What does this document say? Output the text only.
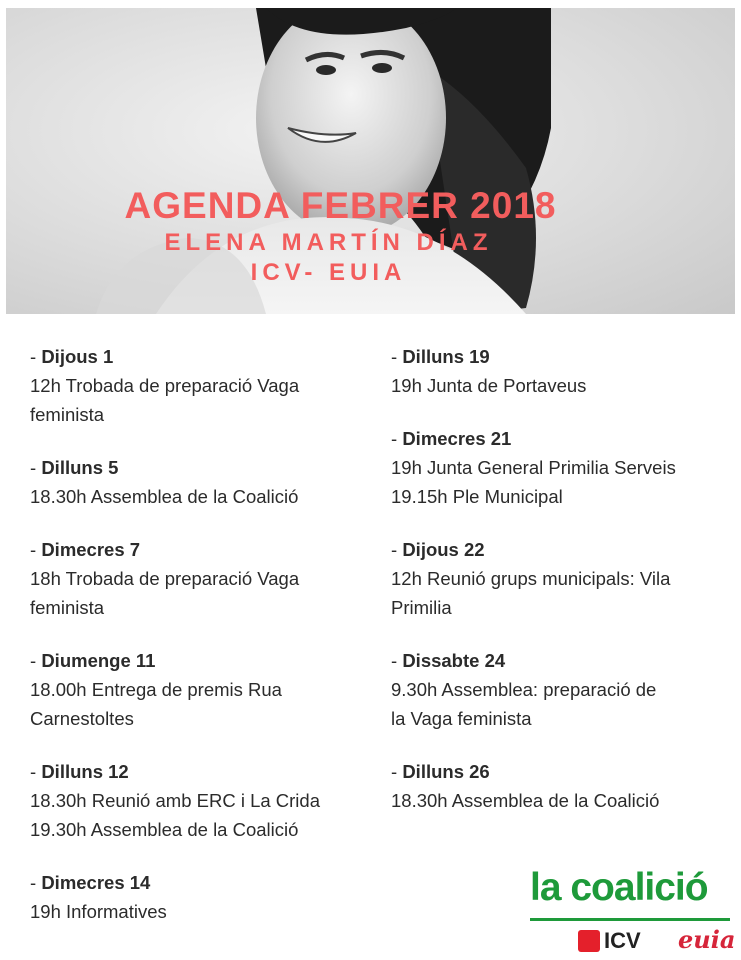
AGENDA FEBRER 2018
ELENA MARTÍN DÍAZ
ICV- EUIA
- Dijous 1
12h Trobada de preparació Vaga
feminista
- Dilluns 5
18.30h Assemblea de la Coalició
- Dimecres 7
18h Trobada de preparació Vaga
feminista
- Diumenge 11
18.00h Entrega de premis Rua
Carnestoltes
- Dilluns 12
18.30h Reunió amb ERC i La Crida
19.30h Assemblea de la Coalició
- Dimecres 14
19h Informatives
- Dilluns 19
19h Junta de Portaveus
- Dimecres 21
19h Junta General Primilia Serveis
19.15h Ple Municipal
- Dijous 22
12h Reunió grups municipals: Vila
Primilia
- Dissabte 24
9.30h Assemblea: preparació de
la Vaga feminista
- Dilluns 26
18.30h Assemblea de la Coalició
la coalició
ICV euia
